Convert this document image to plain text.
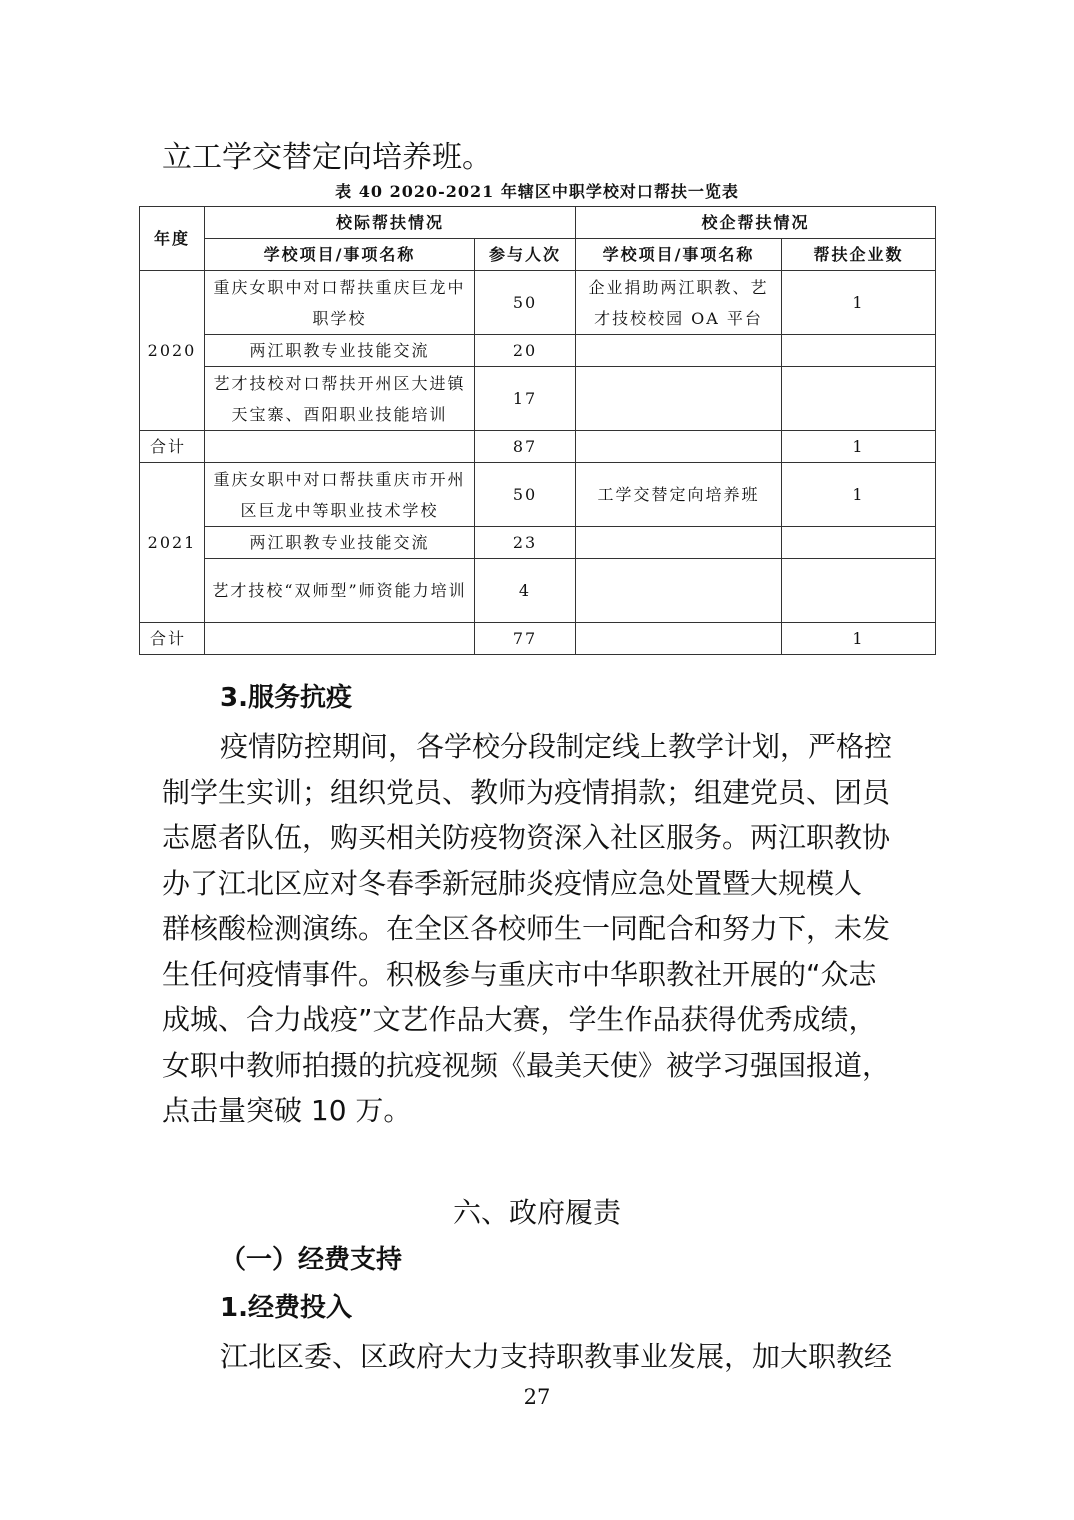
立工学交替定向培养班。
表 40 2020-2021 年辖区中职学校对口帮扶一览表
年度	校际帮扶情况		校企帮扶情况	
	学校项目/事项名称	参与人次	学校项目/事项名称	帮扶企业数
2020	重庆女职中对口帮扶重庆巨龙中职学校	50	企业捐助两江职教、艺才技校校园 OA 平台	1
	两江职教专业技能交流	20		
	艺才技校对口帮扶开州区大进镇天宝寨、酉阳职业技能培训	17		
合计		87		1
2021	重庆女职中对口帮扶重庆市开州区巨龙中等职业技术学校	50	工学交替定向培养班	1
	两江职教专业技能交流	23		
	艺才技校“双师型”师资能力培训	4		
合计		77		1
3.服务抗疫
疫情防控期间，各学校分段制定线上教学计划，严格控
制学生实训；组织党员、教师为疫情捐款；组建党员、团员
志愿者队伍，购买相关防疫物资深入社区服务。两江职教协
办了江北区应对冬春季新冠肺炎疫情应急处置暨大规模人
群核酸检测演练。在全区各校师生一同配合和努力下，未发
生任何疫情事件。积极参与重庆市中华职教社开展的“众志
成城、合力战疫”文艺作品大赛，学生作品获得优秀成绩，
女职中教师拍摄的抗疫视频《最美天使》被学习强国报道，
点击量突破 10 万。
六、政府履责
（一）经费支持
1.经费投入
江北区委、区政府大力支持职教事业发展，加大职教经
27
